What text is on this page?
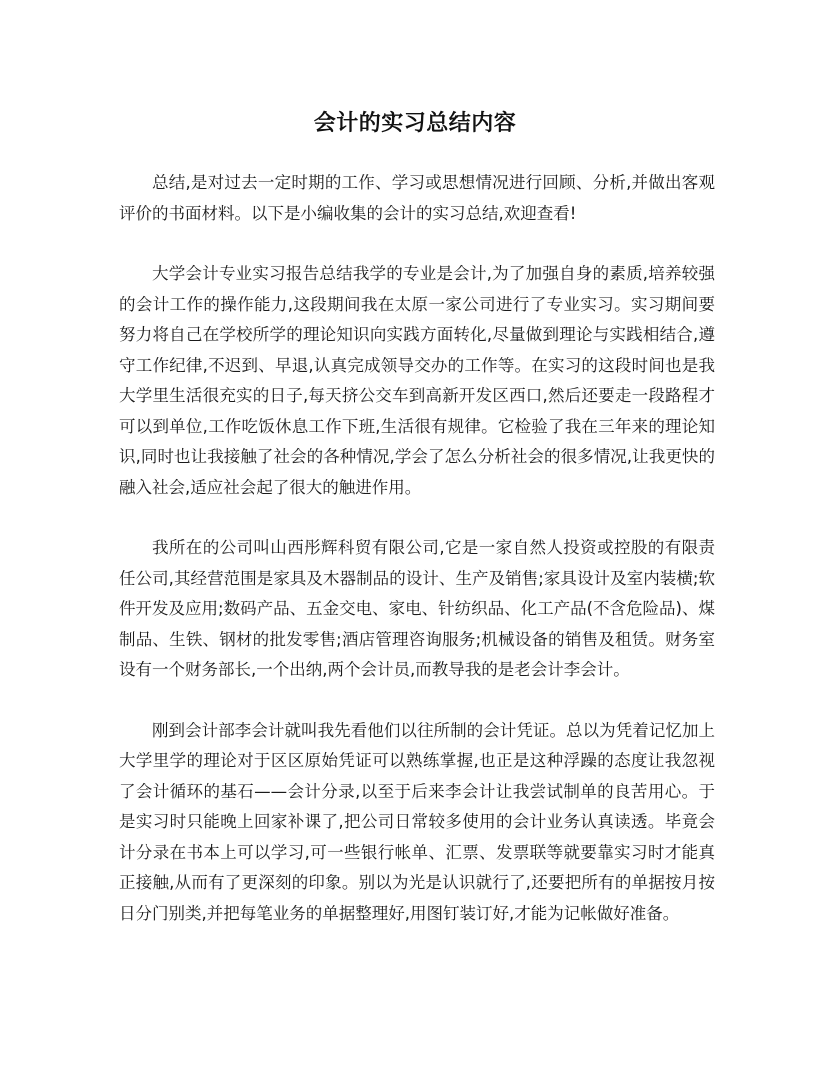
会计的实习总结内容

总结,是对过去一定时期的工作、学习或思想情况进行回顾、分析,并做出客观评价的书面材料。以下是小编收集的会计的实习总结,欢迎查看!

大学会计专业实习报告总结我学的专业是会计,为了加强自身的素质,培养较强的会计工作的操作能力,这段期间我在太原一家公司进行了专业实习。实习期间要努力将自己在学校所学的理论知识向实践方面转化,尽量做到理论与实践相结合,遵守工作纪律,不迟到、早退,认真完成领导交办的工作等。在实习的这段时间也是我大学里生活很充实的日子,每天挤公交车到高新开发区西口,然后还要走一段路程才可以到单位,工作吃饭休息工作下班,生活很有规律。它检验了我在三年来的理论知识,同时也让我接触了社会的各种情况,学会了怎么分析社会的很多情况,让我更快的融入社会,适应社会起了很大的触进作用。

我所在的公司叫山西彤辉科贸有限公司,它是一家自然人投资或控股的有限责任公司,其经营范围是家具及木器制品的设计、生产及销售;家具设计及室内装横;软件开发及应用;数码产品、五金交电、家电、针纺织品、化工产品(不含危险品)、煤制品、生铁、钢材的批发零售;酒店管理咨询服务;机械设备的销售及租赁。财务室设有一个财务部长,一个出纳,两个会计员,而教导我的是老会计李会计。

刚到会计部李会计就叫我先看他们以往所制的会计凭证。总以为凭着记忆加上大学里学的理论对于区区原始凭证可以熟练掌握,也正是这种浮躁的态度让我忽视了会计循环的基石——会计分录,以至于后来李会计让我尝试制单的良苦用心。于是实习时只能晚上回家补课了,把公司日常较多使用的会计业务认真读透。毕竟会计分录在书本上可以学习,可一些银行帐单、汇票、发票联等就要靠实习时才能真正接触,从而有了更深刻的印象。别以为光是认识就行了,还要把所有的单据按月按日分门别类,并把每笔业务的单据整理好,用图钉装订好,才能为记帐做好准备。
